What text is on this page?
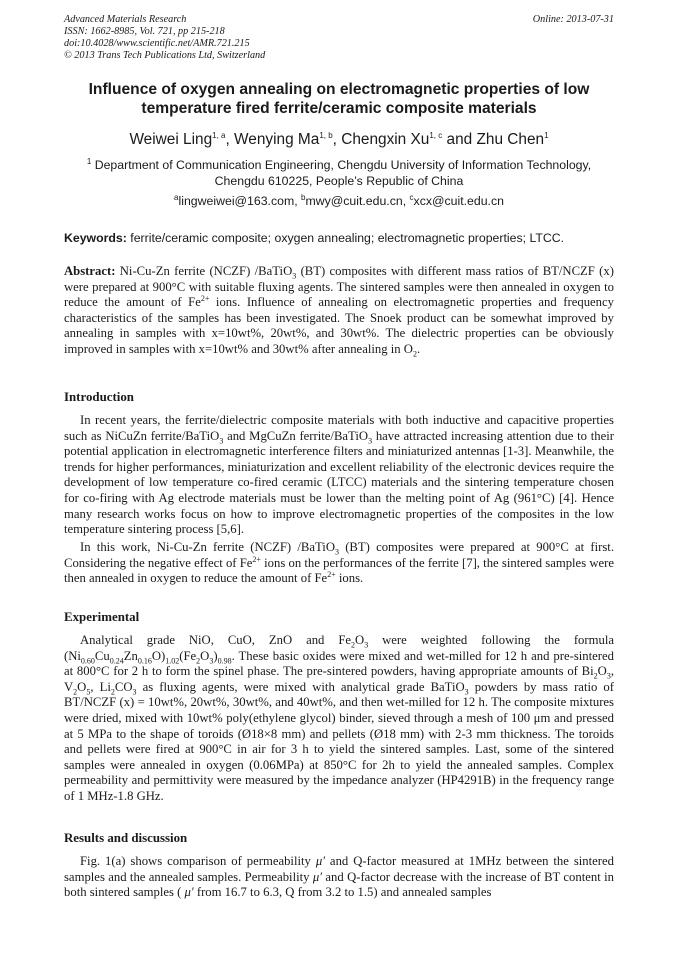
Advanced Materials Research
ISSN: 1662-8985, Vol. 721, pp 215-218
doi:10.4028/www.scientific.net/AMR.721.215
© 2013 Trans Tech Publications Ltd, Switzerland
Online: 2013-07-31
Influence of oxygen annealing on electromagnetic properties of low
temperature fired ferrite/ceramic composite materials
Weiwei Ling$^{1, a}$, Wenying Ma$^{1, b}$, Chengxin Xu$^{1, c}$ and Zhu Chen$^1$
$^1$ Department of Communication Engineering, Chengdu University of Information Technology,
Chengdu 610225, People’s Republic of China
$^a$lingweiwei@163.com, $^b$mwy@cuit.edu.cn, $^c$xcx@cuit.edu.cn
Keywords: ferrite/ceramic composite; oxygen annealing; electromagnetic properties; LTCC.
Abstract: Ni-Cu-Zn ferrite (NCZF) /BaTiO$_3$ (BT) composites with different mass ratios of BT/NCZF (x) were prepared at 900°C with suitable fluxing agents. The sintered samples were then annealed in oxygen to reduce the amount of $Fe^{2+}$ ions. Influence of annealing on electromagnetic properties and frequency characteristics of the samples has been investigated. The Snoek product can be somewhat improved by annealing in samples with x=10wt%, 20wt%, and 30wt%. The dielectric properties can be obviously improved in samples with x=10wt% and 30wt% after annealing in $O_2$.
Introduction
In recent years, the ferrite/dielectric composite materials with both inductive and capacitive properties such as NiCuZn ferrite/BaTiO$_3$ and MgCuZn ferrite/BaTiO$_3$ have attracted increasing attention due to their potential application in electromagnetic interference filters and miniaturized antennas [1-3]. Meanwhile, the trends for higher performances, miniaturization and excellent reliability of the electronic devices require the development of low temperature co-fired ceramic (LTCC) materials and the sintering temperature chosen for co-firing with Ag electrode materials must be lower than the melting point of Ag (961°C) [4]. Hence many research works focus on how to improve electromagnetic properties of the composites in the low temperature sintering process [5,6].
In this work, Ni-Cu-Zn ferrite (NCZF) /BaTiO$_3$ (BT) composites were prepared at 900°C at first. Considering the negative effect of $Fe^{2+}$ ions on the performances of the ferrite [7], the sintered samples were then annealed in oxygen to reduce the amount of $Fe^{2+}$ ions.
Experimental
Analytical grade NiO, CuO, ZnO and $Fe_2O_3$ were weighted following the formula $(Ni_{0.60}Cu_{0.24}Zn_{0.16}O)_{1.02}(Fe_2O_3)_{0.98}$. These basic oxides were mixed and wet-milled for 12 h and pre-sintered at 800°C for 2 h to form the spinel phase. The pre-sintered powders, having appropriate amounts of $Bi_2O_3$, $V_2O_5$, $Li_2CO_3$ as fluxing agents, were mixed with analytical grade BaTiO$_3$ powders by mass ratio of BT/NCZF (x) = 10wt%, 20wt%, 30wt%, and 40wt%, and then wet-milled for 12 h. The composite mixtures were dried, mixed with 10wt% poly(ethylene glycol) binder, sieved through a mesh of 100 μm and pressed at 5 MPa to the shape of toroids (Ø18×8 mm) and pellets (Ø18 mm) with 2-3 mm thickness. The toroids and pellets were fired at 900°C in air for 3 h to yield the sintered samples. Last, some of the sintered samples were annealed in oxygen (0.06MPa) at 850°C for 2h to yield the annealed samples. Complex permeability and permittivity were measured by the impedance analyzer (HP4291B) in the frequency range of 1 MHz-1.8 GHz.
Results and discussion
Fig. 1(a) shows comparison of permeability μ′ and Q-factor measured at 1MHz between the sintered samples and the annealed samples. Permeability μ′ and Q-factor decrease with the increase of BT content in both sintered samples ( μ′ from 16.7 to 6.3, Q from 3.2 to 1.5) and annealed samples
